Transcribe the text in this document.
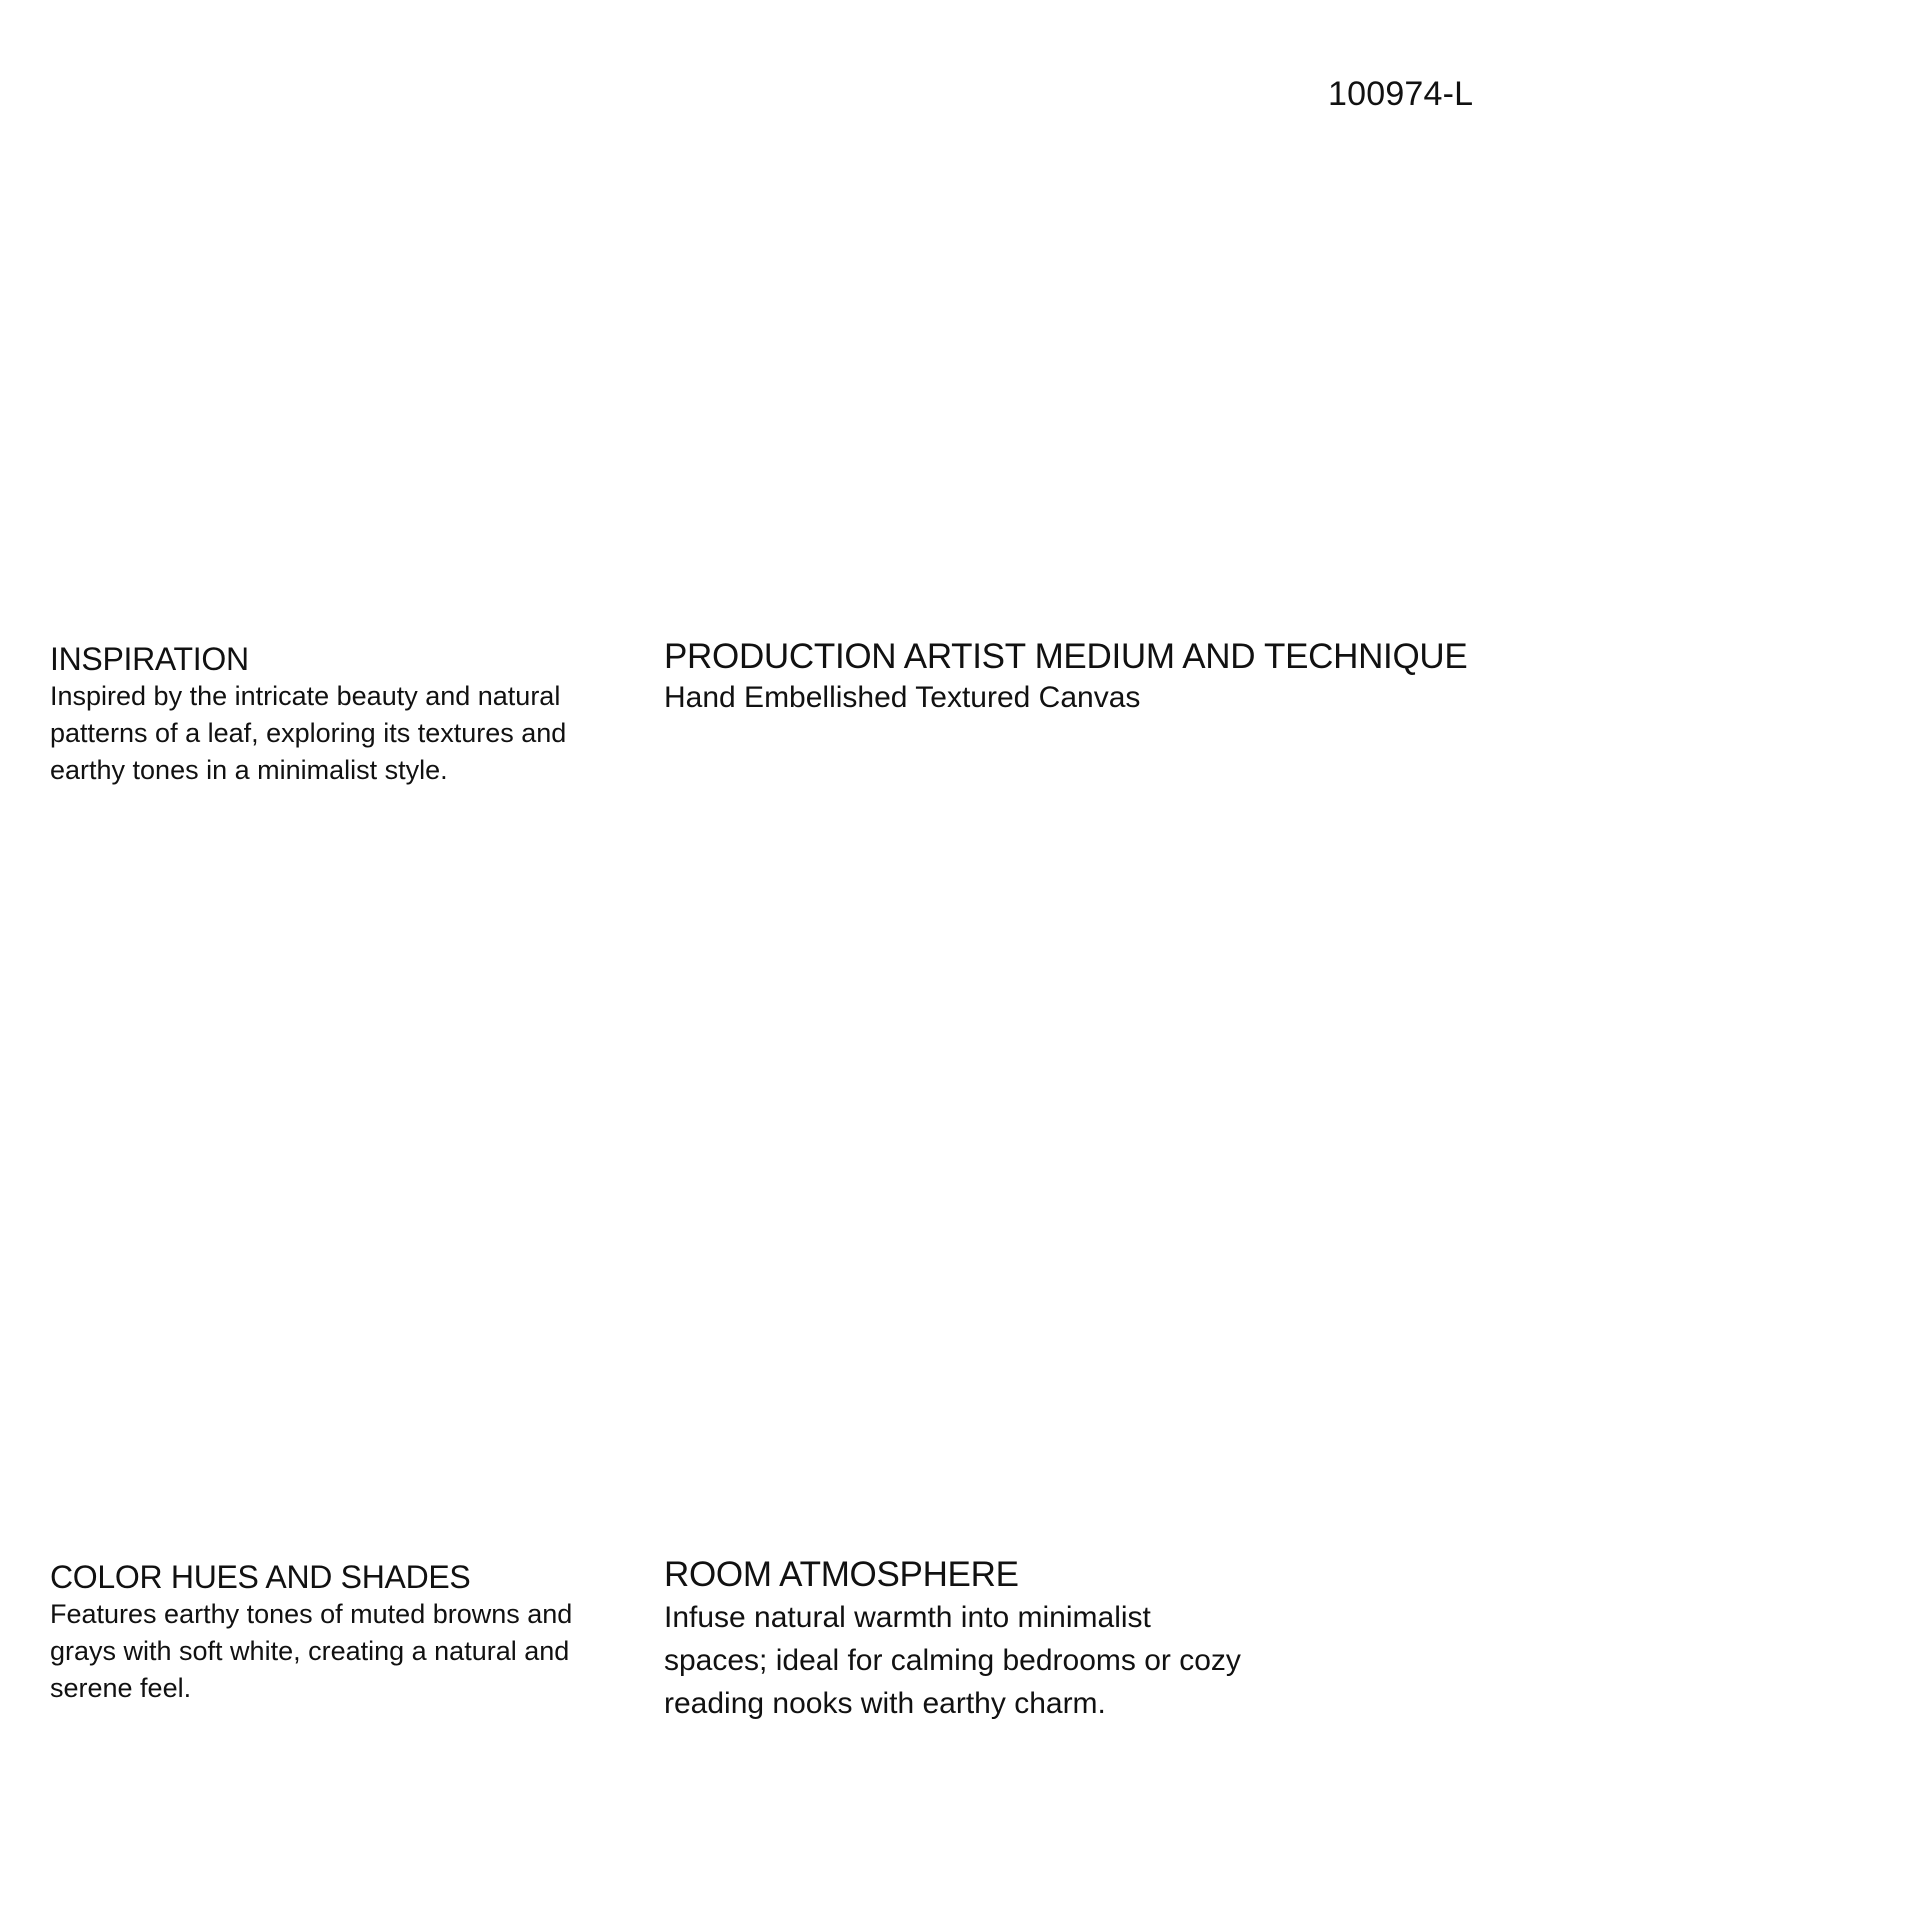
100974-L
INSPIRATION

Inspired by the intricate beauty and natural patterns of a leaf, exploring its textures and earthy tones in a minimalist style.

PRODUCTION ARTIST MEDIUM AND TECHNIQUE

Hand Embellished Textured Canvas

COLOR HUES AND SHADES

Features earthy tones of muted browns and grays with soft white, creating a natural and serene feel.

ROOM ATMOSPHERE

Infuse natural warmth into minimalist spaces; ideal for calming bedrooms or cozy reading nooks with earthy charm.
